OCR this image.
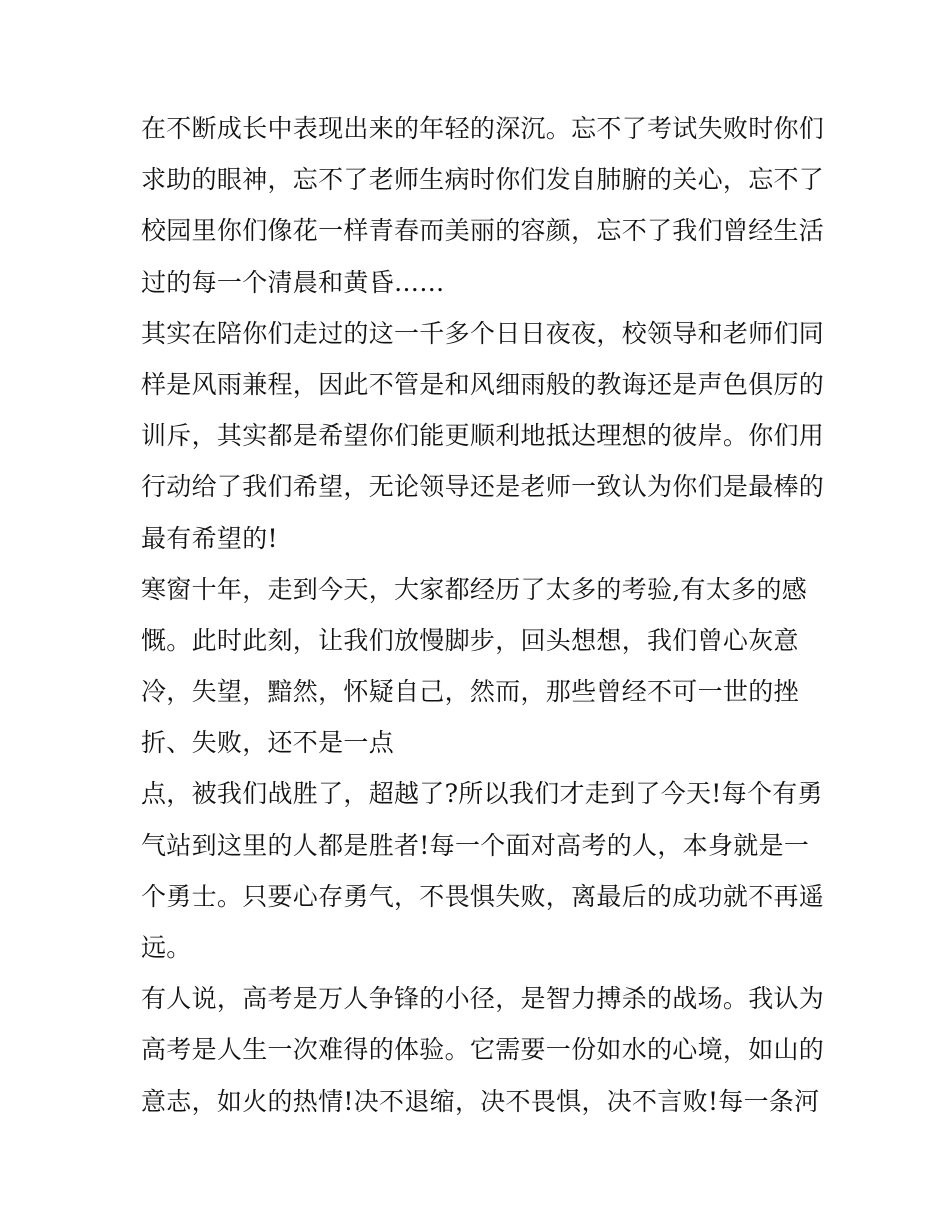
在不断成长中表现出来的年轻的深沉。忘不了考试失败时你们
求助的眼神，忘不了老师生病时你们发自肺腑的关心，忘不了
校园里你们像花一样青春而美丽的容颜，忘不了我们曾经生活
过的每一个清晨和黄昏……
其实在陪你们走过的这一千多个日日夜夜，校领导和老师们同
样是风雨兼程，因此不管是和风细雨般的教诲还是声色俱厉的
训斥，其实都是希望你们能更顺利地抵达理想的彼岸。你们用
行动给了我们希望，无论领导还是老师一致认为你们是最棒的
最有希望的!
寒窗十年，走到今天，大家都经历了太多的考验,有太多的感
慨。此时此刻，让我们放慢脚步，回头想想，我们曾心灰意
冷，失望，黯然，怀疑自己，然而，那些曾经不可一世的挫
折、失败，还不是一点
点，被我们战胜了，超越了?所以我们才走到了今天!每个有勇
气站到这里的人都是胜者!每一个面对高考的人，本身就是一
个勇士。只要心存勇气，不畏惧失败，离最后的成功就不再遥
远。
有人说，高考是万人争锋的小径，是智力搏杀的战场。我认为
高考是人生一次难得的体验。它需要一份如水的心境，如山的
意志，如火的热情!决不退缩，决不畏惧，决不言败!每一条河
